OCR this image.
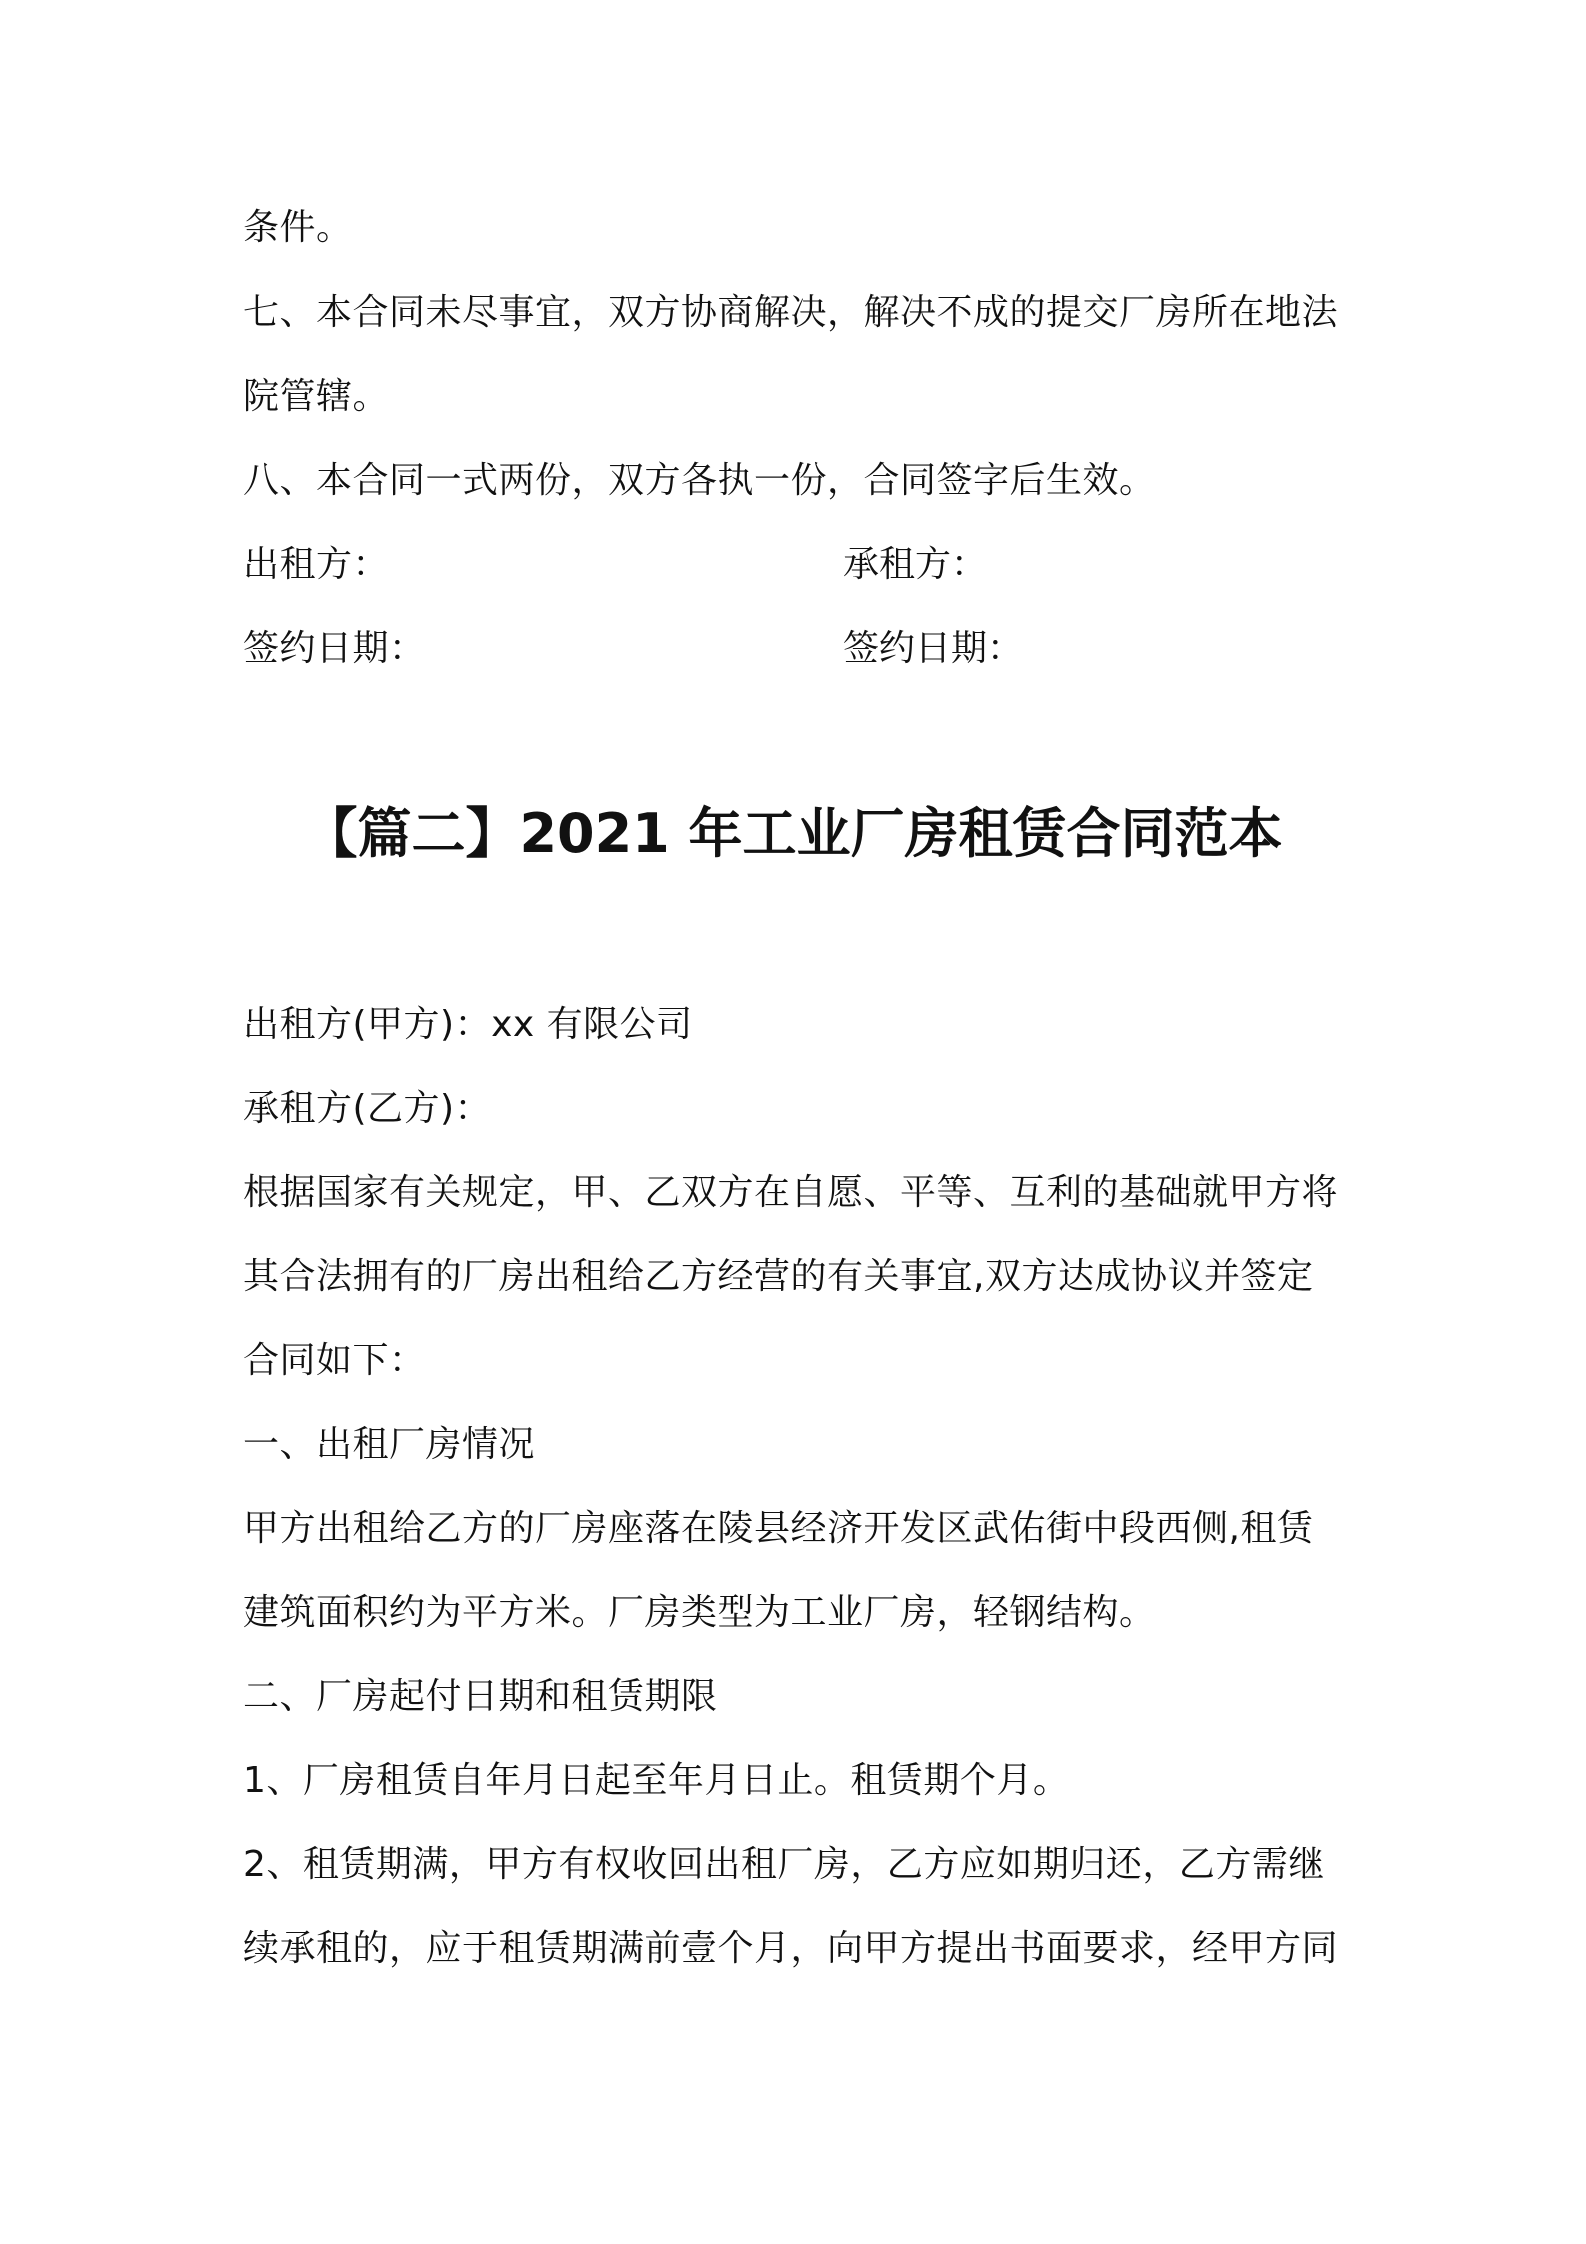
条件。
七、本合同未尽事宜，双方协商解决，解决不成的提交厂房所在地法
院管辖。
八、本合同一式两份，双方各执一份，合同签字后生效。
出租方：	承租方：
签约日期：	签约日期：
【篇二】2021 年工业厂房租赁合同范本
出租方(甲方)：xx 有限公司
承租方(乙方)：
根据国家有关规定，甲、乙双方在自愿、平等、互利的基础就甲方将
其合法拥有的厂房出租给乙方经营的有关事宜,双方达成协议并签定
合同如下：
一、出租厂房情况
甲方出租给乙方的厂房座落在陵县经济开发区武佑街中段西侧,租赁
建筑面积约为平方米。厂房类型为工业厂房，轻钢结构。
二、厂房起付日期和租赁期限
1、厂房租赁自年月日起至年月日止。租赁期个月。
2、租赁期满，甲方有权收回出租厂房，乙方应如期归还，乙方需继
续承租的，应于租赁期满前壹个月，向甲方提出书面要求，经甲方同
